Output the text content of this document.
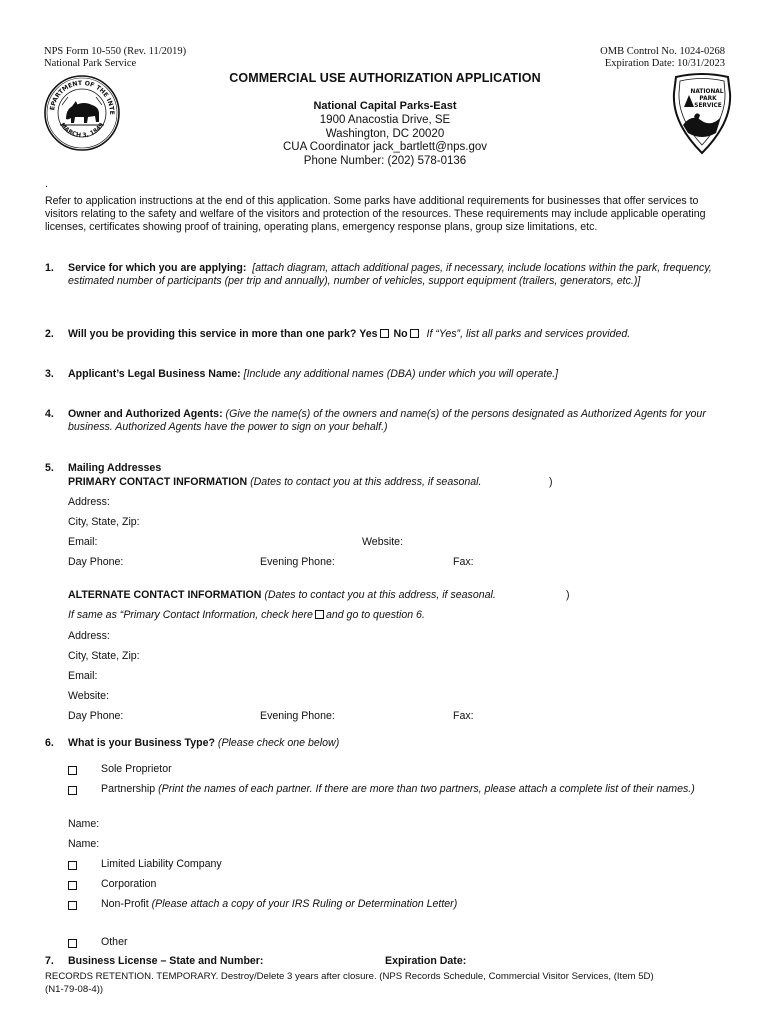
NPS Form 10-550 (Rev. 11/2019)
National Park Service
OMB Control No. 1024-0268
Expiration Date: 10/31/2023
EPARTMENT OF THE INTE
MARCH 3, 1849
NATIONAL
PARK
SERVICE
COMMERCIAL USE AUTHORIZATION APPLICATION
National Capital Parks-East
1900 Anacostia Drive, SE
Washington, DC 20020
CUA Coordinator jack_bartlett@nps.gov
Phone Number: (202) 578-0136
.
Refer to application instructions at the end of this application. Some parks have additional requirements for businesses that offer services to visitors relating to the safety and welfare of the visitors and protection of the resources. These requirements may include applicable operating licenses, certificates showing proof of training, operating plans, emergency response plans, group size limitations, etc.
1. Service for which you are applying: [attach diagram, attach additional pages, if necessary, include locations within the park, frequency, estimated number of participants (per trip and annually), number of vehicles, support equipment (trailers, generators, etc.)]
2. Will you be providing this service in more than one park? Yes No If “Yes”, list all parks and services provided.
3. Applicant’s Legal Business Name: [Include any additional names (DBA) under which you will operate.]
4. Owner and Authorized Agents: (Give the name(s) of the owners and name(s) of the persons designated as Authorized Agents for your business. Authorized Agents have the power to sign on your behalf.)
5. Mailing Addresses
PRIMARY CONTACT INFORMATION (Dates to contact you at this address, if seasonal.	)
Address:
City, State, Zip:
Email:	Website:
Day Phone:	Evening Phone:	Fax:
ALTERNATE CONTACT INFORMATION (Dates to contact you at this address, if seasonal.	)
If same as “Primary Contact Information, check here and go to question 6.
Address:
City, State, Zip:
Email:
Website:
Day Phone:	Evening Phone:	Fax:
6. What is your Business Type? (Please check one below)
Sole Proprietor
Partnership (Print the names of each partner. If there are more than two partners, please attach a complete list of their names.)
Name:
Name:
Limited Liability Company
Corporation
Non-Profit (Please attach a copy of your IRS Ruling or Determination Letter)
Other
7. Business License – State and Number:	Expiration Date:
RECORDS RETENTION. TEMPORARY. Destroy/Delete 3 years after closure. (NPS Records Schedule, Commercial Visitor Services, (Item 5D) (N1-79-08-4))
